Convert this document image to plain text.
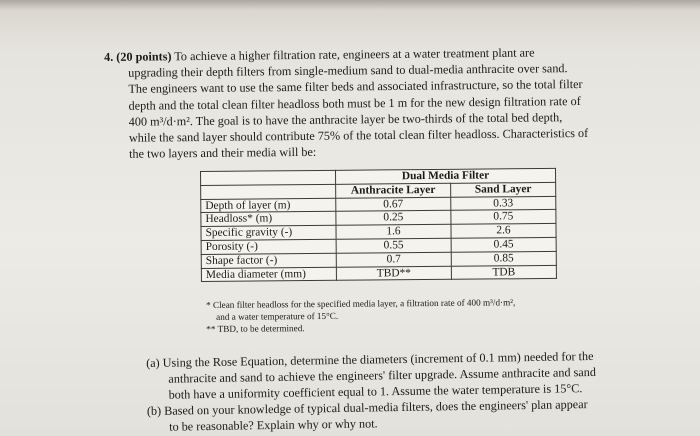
4. (20 points) To achieve a higher filtration rate, engineers at a water treatment plant are
upgrading their depth filters from single-medium sand to dual-media anthracite over sand.
The engineers want to use the same filter beds and associated infrastructure, so the total filter
depth and the total clean filter headloss both must be 1 m for the new design filtration rate of
400 m³/d·m². The goal is to have the anthracite layer be two-thirds of the total bed depth,
while the sand layer should contribute 75% of the total clean filter headloss. Characteristics of
the two layers and their media will be:
	Dual Media Filter	
	Anthracite Layer	Sand Layer
Depth of layer (m)	0.67	0.33
Headloss* (m)	0.25	0.75
Specific gravity (-)	1.6	2.6
Porosity (-)	0.55	0.45
Shape factor (-)	0.7	0.85
Media diameter (mm)	TBD**	TDB
* Clean filter headloss for the specified media layer, a filtration rate of 400 m³/d·m²,
and a water temperature of 15°C.
** TBD, to be determined.
(a) Using the Rose Equation, determine the diameters (increment of 0.1 mm) needed for the
anthracite and sand to achieve the engineers' filter upgrade. Assume anthracite and sand
both have a uniformity coefficient equal to 1. Assume the water temperature is 15°C.
(b) Based on your knowledge of typical dual-media filters, does the engineers' plan appear
to be reasonable? Explain why or why not.
